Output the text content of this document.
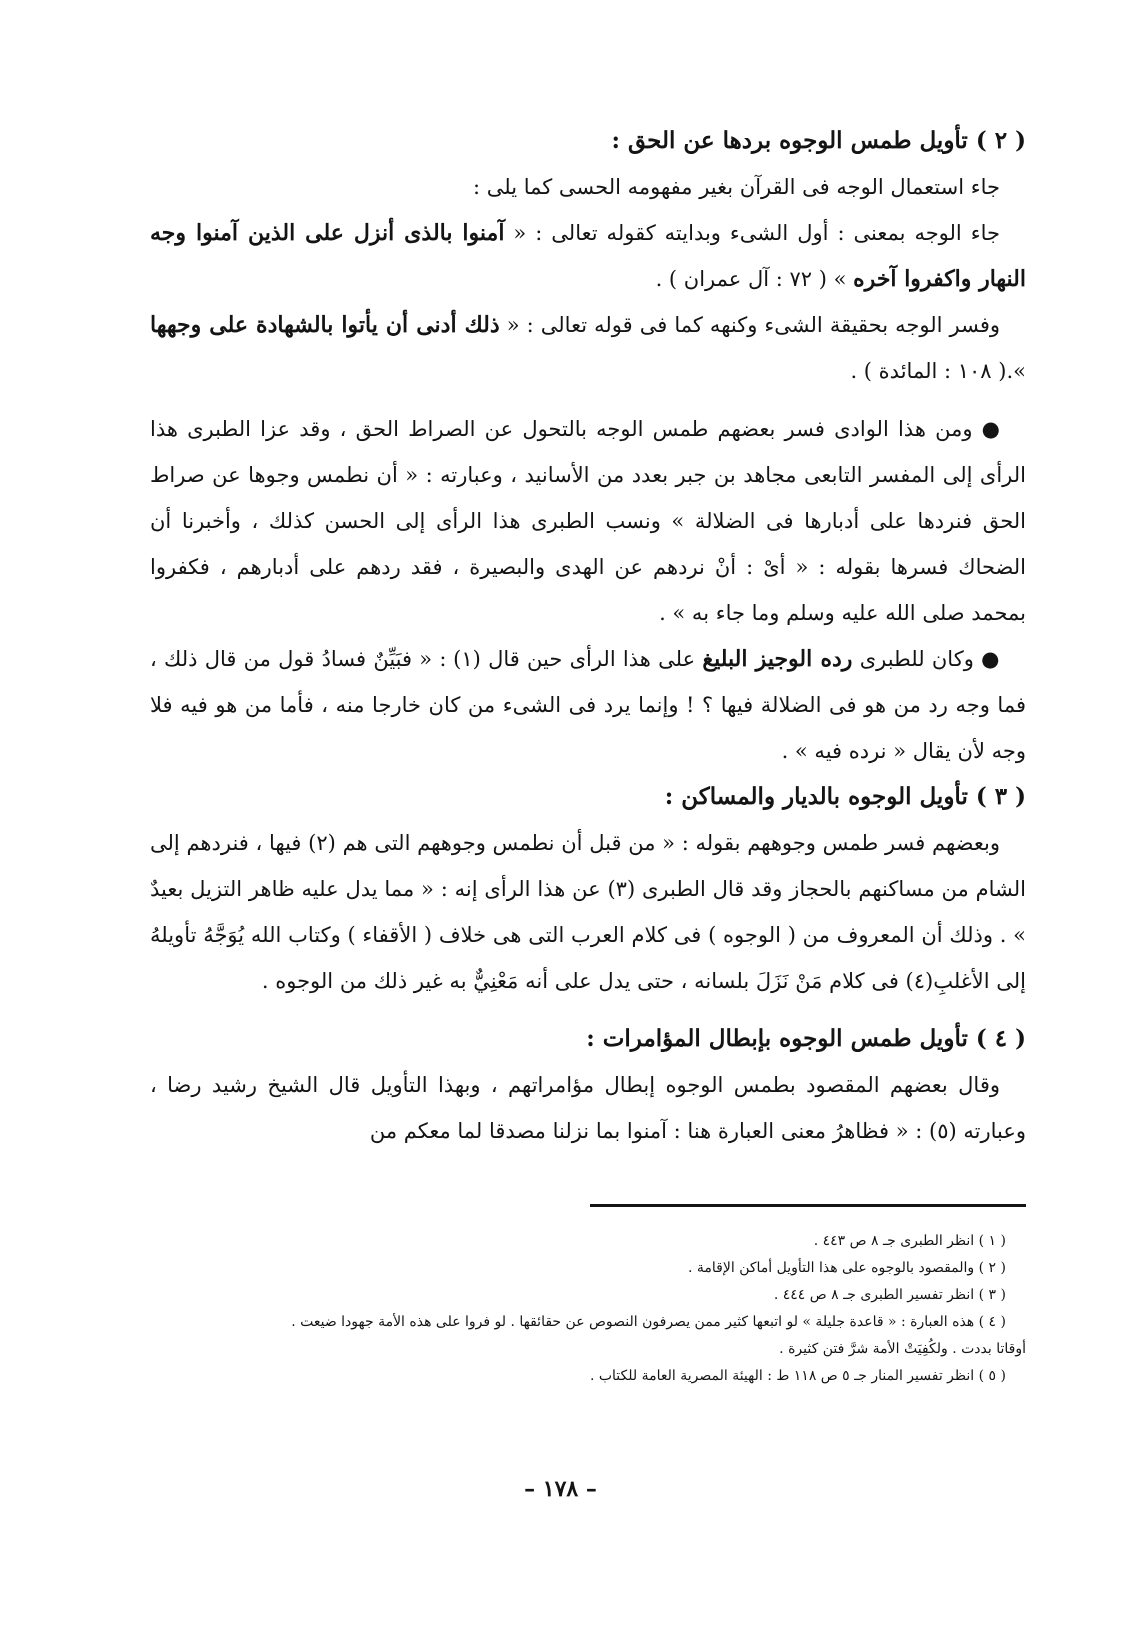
( ٢ ) تأويل طمس الوجوه بردها عن الحق :

جاء استعمال الوجه فى القرآن بغير مفهومه الحسى كما يلى :

جاء الوجه بمعنى : أول الشىء وبدايته كقوله تعالى : « آمنوا بالذى أنزل على الذين آمنوا وجه النهار واكفروا آخره » ( ٧٢ : آل عمران ) .

وفسر الوجه بحقيقة الشىء وكنهه كما فى قوله تعالى : « ذلك أدنى أن يأتوا بالشهادة على وجهها ».( ١٠٨ : المائدة ) .

● ومن هذا الوادى فسر بعضهم طمس الوجه بالتحول عن الصراط الحق ، وقد عزا الطبرى هذا الرأى إلى المفسر التابعى مجاهد بن جبر بعدد من الأسانيد ، وعبارته : « أن نطمس وجوها عن صراط الحق فنردها على أدبارها فى الضلالة » ونسب الطبرى هذا الرأى إلى الحسن كذلك ، وأخبرنا أن الضحاك فسرها بقوله : « أىْ : أنْ نردهم عن الهدى والبصيرة ، فقد ردهم على أدبارهم ، فكفروا بمحمد صلى الله عليه وسلم وما جاء به » .

● وكان للطبرى رده الوجيز البليغ على هذا الرأى حين قال (١) : « فبَيِّنٌ فسادُ قول من قال ذلك ، فما وجه رد من هو فى الضلالة فيها ؟ ! وإنما يرد فى الشىء من كان خارجا منه ، فأما من هو فيه فلا وجه لأن يقال « نرده فيه » .

( ٣ ) تأويل الوجوه بالديار والمساكن :

وبعضهم فسر طمس وجوههم بقوله : « من قبل أن نطمس وجوههم التى هم (٢) فيها ، فنردهم إلى الشام من مساكنهم بالحجاز وقد قال الطبرى (٣) عن هذا الرأى إنه : « مما يدل عليه ظاهر التزيل بعيدٌ » . وذلك أن المعروف من ( الوجوه ) فى كلام العرب التى هى خلاف ( الأقفاء ) وكتاب الله يُوَجَّهُ تأويلهُ إلى الأغلبِ(٤) فى كلام مَنْ نَزَلَ بلسانه ، حتى يدل على أنه مَعْنِيٌّ به غير ذلك من الوجوه .

( ٤ ) تأويل طمس الوجوه بإبطال المؤامرات :

وقال بعضهم المقصود بطمس الوجوه إبطال مؤامراتهم ، وبهذا التأويل قال الشيخ رشيد رضا ، وعبارته (٥) : « فظاهرُ معنى العبارة هنا : آمنوا بما نزلنا مصدقا لما معكم من

( ١ ) انظر الطبرى جـ ٨ ص ٤٤٣ .

( ٢ ) والمقصود بالوجوه على هذا التأويل أماكن الإقامة .

( ٣ ) انظر تفسير الطبرى جـ ٨ ص ٤٤٤ .

( ٤ ) هذه العبارة : « قاعدة جليلة » لو اتبعها كثير ممن يصرفون النصوص عن حقائقها . لو فروا على هذه الأمة جهودا ضيعت .

أوقاتا بددت . ولكُفِيَتْ الأمة شرَّ فتن كثيرة .

( ٥ ) انظر تفسير المنار جـ ٥ ص ١١٨ ط : الهيئة المصرية العامة للكتاب .

– ١٧٨ –
